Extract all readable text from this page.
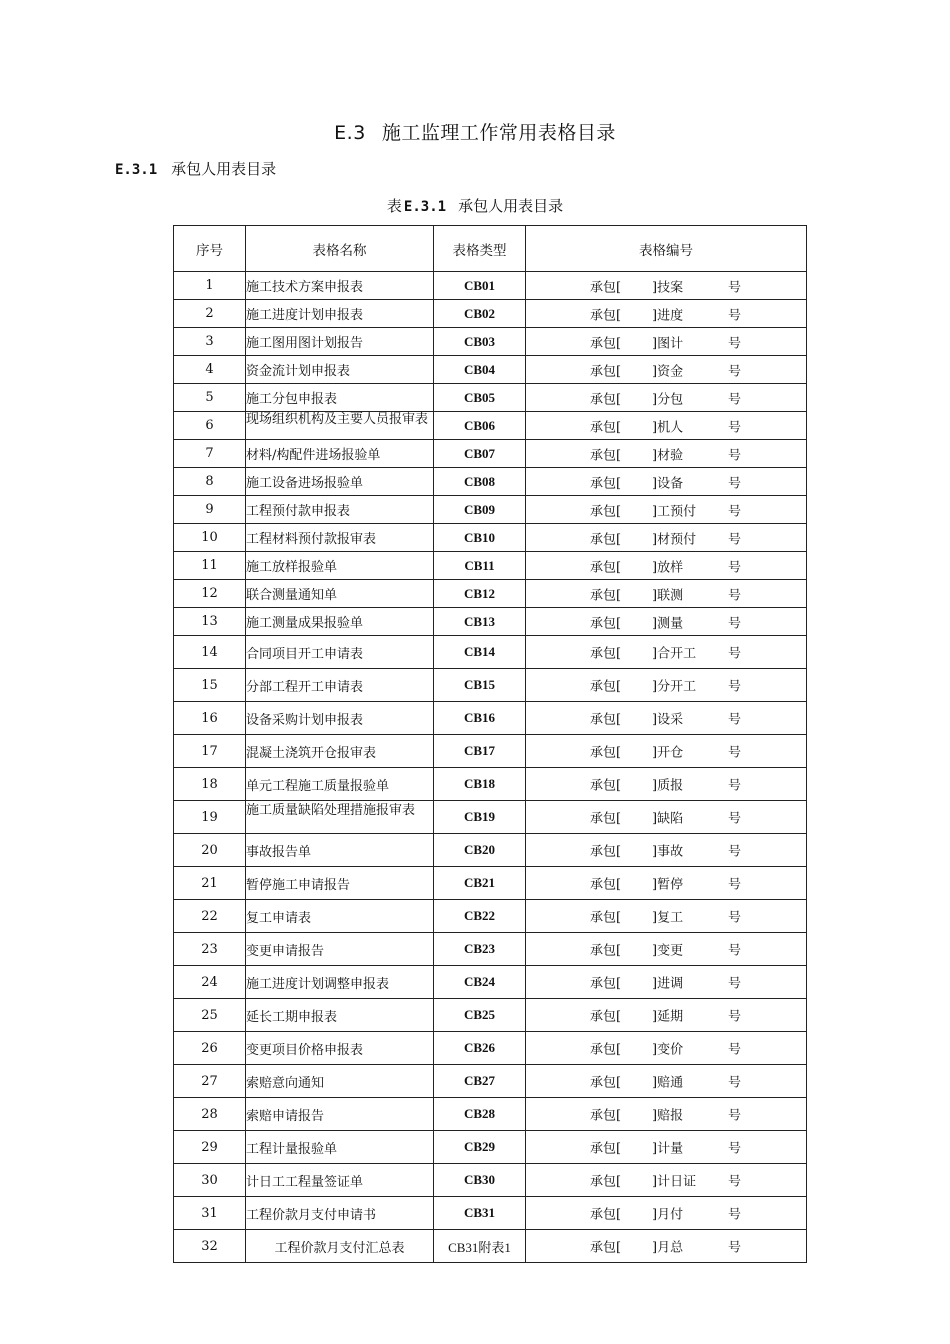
E.3 施工监理工作常用表格目录
E.3.1 承包人用表目录
表 E.3.1 承包人用表目录
序号	表格名称	表格类型	表格编号
1	施工技术方案申报表	CB01	承包[ ]技案 号

2	施工进度计划申报表	CB02	承包[ ]进度 号

3	施工图用图计划报告	CB03	承包[ ]图计 号

4	资金流计划申报表	CB04	承包[ ]资金 号

5	施工分包申报表	CB05	承包[ ]分包 号

6	现场组织机构及主要人员报审表	CB06	承包[ ]机人 号

7	材料/构配件进场报验单	CB07	承包[ ]材验 号

8	施工设备进场报验单	CB08	承包[ ]设备 号

9	工程预付款申报表	CB09	承包[ ]工预付 号

10	工程材料预付款报审表	CB10	承包[ ]材预付 号

11	施工放样报验单	CB11	承包[ ]放样 号

12	联合测量通知单	CB12	承包[ ]联测 号

13	施工测量成果报验单	CB13	承包[ ]测量 号

14	合同项目开工申请表	CB14	承包[ ]合开工 号

15	分部工程开工申请表	CB15	承包[ ]分开工 号

16	设备采购计划申报表	CB16	承包[ ]设采 号

17	混凝土浇筑开仓报审表	CB17	承包[ ]开仓 号

18	单元工程施工质量报验单	CB18	承包[ ]质报 号

19	施工质量缺陷处理措施报审表	CB19	承包[ ]缺陷 号

20	事故报告单	CB20	承包[ ]事故 号

21	暂停施工申请报告	CB21	承包[ ]暂停 号

22	复工申请表	CB22	承包[ ]复工 号

23	变更申请报告	CB23	承包[ ]变更 号

24	施工进度计划调整申报表	CB24	承包[ ]进调 号

25	延长工期申报表	CB25	承包[ ]延期 号

26	变更项目价格申报表	CB26	承包[ ]变价 号

27	索赔意向通知	CB27	承包[ ]赔通 号

28	索赔申请报告	CB28	承包[ ]赔报 号

29	工程计量报验单	CB29	承包[ ]计量 号

30	计日工工程量签证单	CB30	承包[ ]计日证 号

31	工程价款月支付申请书	CB31	承包[ ]月付 号

32	工程价款月支付汇总表	CB31附表1	承包[ ]月总 号
